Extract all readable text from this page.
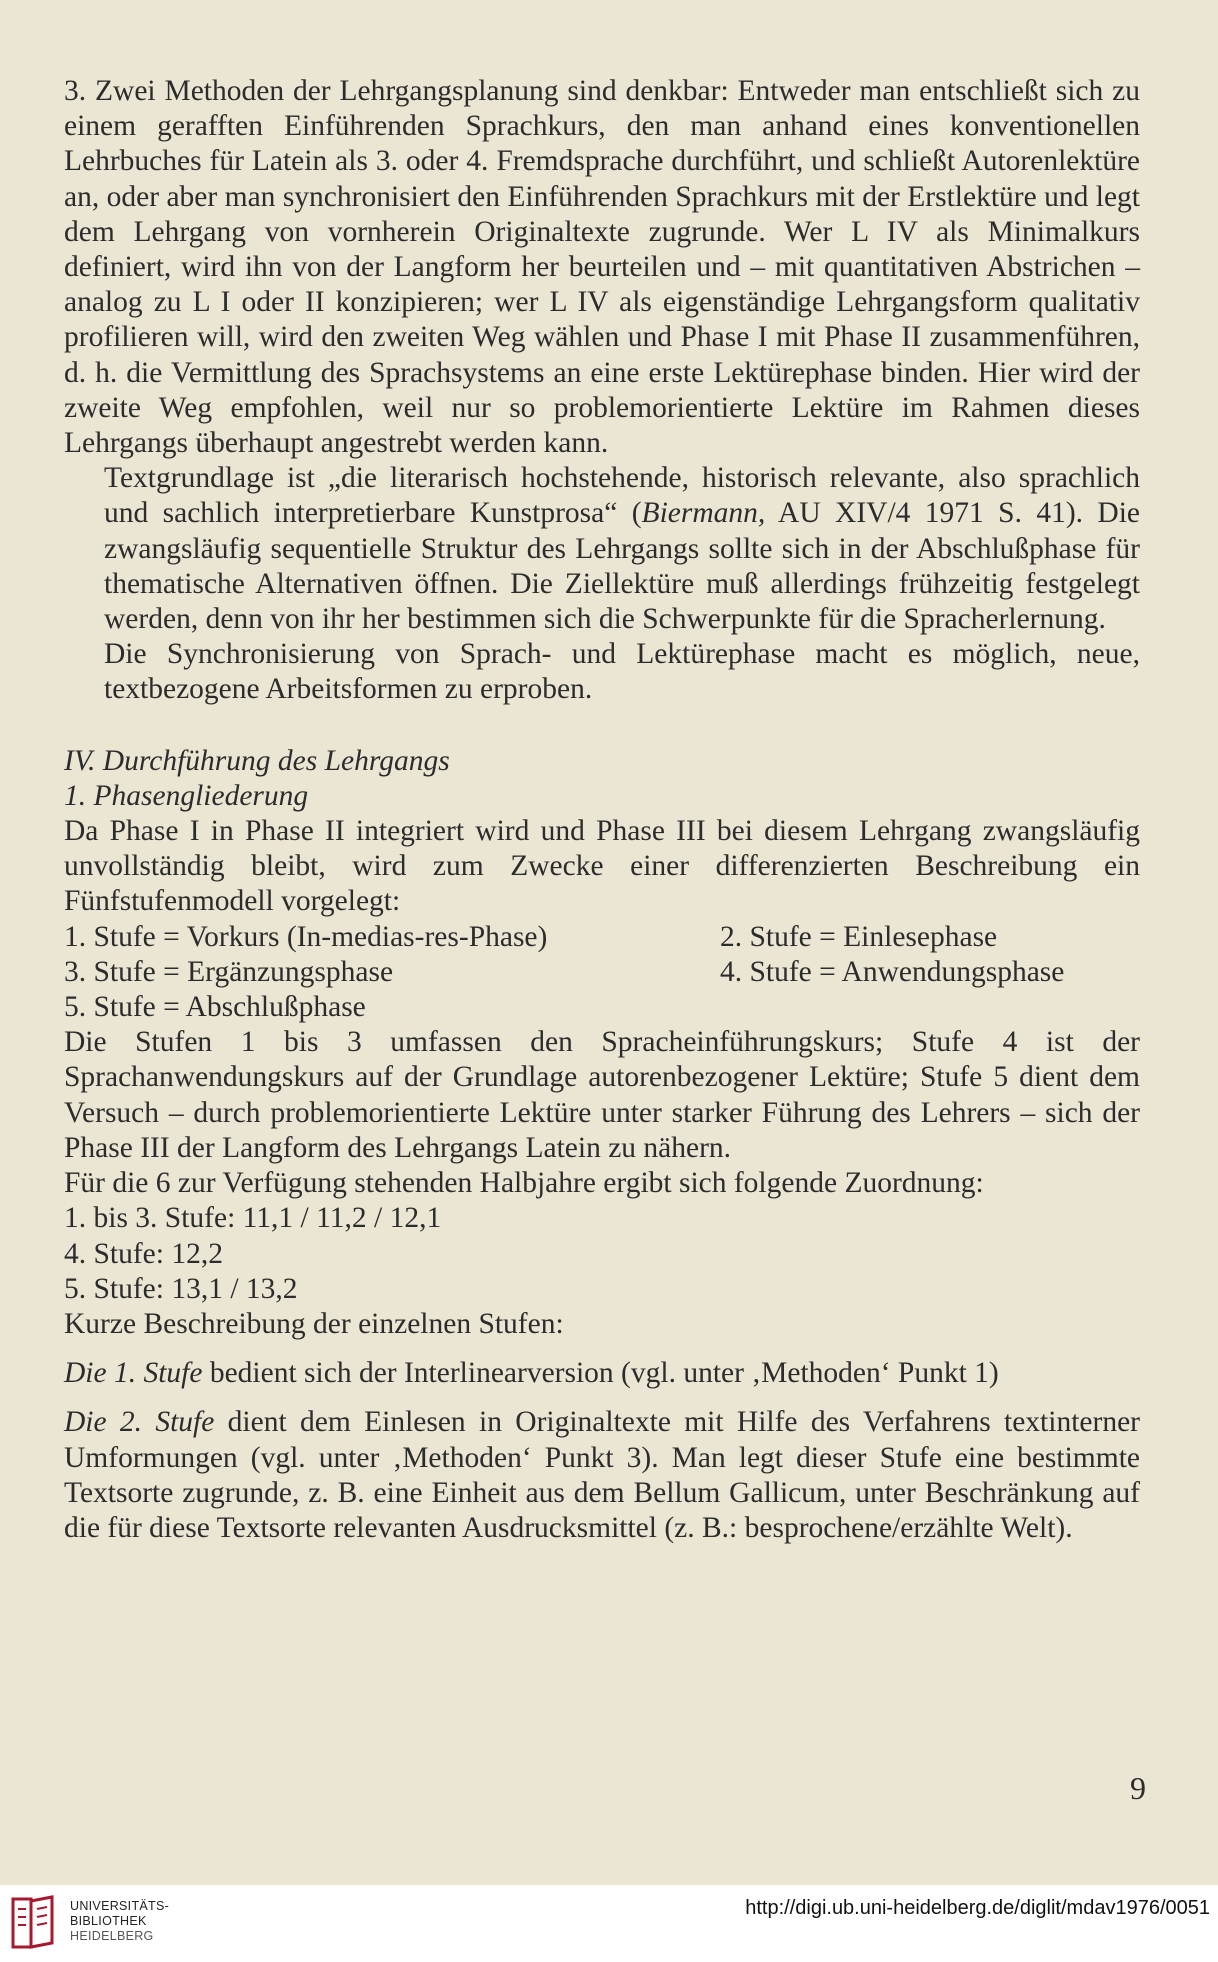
3. Zwei Methoden der Lehrgangsplanung sind denkbar: Entweder man entschließt sich zu einem gerafften Einführenden Sprachkurs, den man anhand eines konventionellen Lehrbuches für Latein als 3. oder 4. Fremdsprache durchführt, und schließt Autorenlektüre an, oder aber man synchronisiert den Einführenden Sprachkurs mit der Erstlektüre und legt dem Lehrgang von vornherein Originaltexte zugrunde. Wer L IV als Minimalkurs definiert, wird ihn von der Langform her beurteilen und – mit quantitativen Abstrichen – analog zu L I oder II konzipieren; wer L IV als eigenständige Lehrgangsform qualitativ profilieren will, wird den zweiten Weg wählen und Phase I mit Phase II zusammenführen, d. h. die Vermittlung des Sprachsystems an eine erste Lektürephase binden. Hier wird der zweite Weg empfohlen, weil nur so problemorientierte Lektüre im Rahmen dieses Lehrgangs überhaupt angestrebt werden kann.

Textgrundlage ist „die literarisch hochstehende, historisch relevante, also sprachlich und sachlich interpretierbare Kunstprosa“ (Biermann, AU XIV/4 1971 S. 41). Die zwangsläufig sequentielle Struktur des Lehrgangs sollte sich in der Abschlußphase für thematische Alternativen öffnen. Die Ziellektüre muß allerdings frühzeitig festgelegt werden, denn von ihr her bestimmen sich die Schwerpunkte für die Spracherlernung.

Die Synchronisierung von Sprach- und Lektürephase macht es möglich, neue, textbezogene Arbeitsformen zu erproben.

IV. Durchführung des Lehrgangs

1. Phasengliederung

Da Phase I in Phase II integriert wird und Phase III bei diesem Lehrgang zwangsläufig unvollständig bleibt, wird zum Zwecke einer differenzierten Beschreibung ein Fünfstufenmodell vorgelegt:

1. Stufe = Vorkurs (In-medias-res-Phase)	2. Stufe = Einlesephase
3. Stufe = Ergänzungsphase	4. Stufe = Anwendungsphase

5. Stufe = Abschlußphase

Die Stufen 1 bis 3 umfassen den Spracheinführungskurs; Stufe 4 ist der Sprachanwendungskurs auf der Grundlage autorenbezogener Lektüre; Stufe 5 dient dem Versuch – durch problemorientierte Lektüre unter starker Führung des Lehrers – sich der Phase III der Langform des Lehrgangs Latein zu nähern.

Für die 6 zur Verfügung stehenden Halbjahre ergibt sich folgende Zuordnung:

1. bis 3. Stufe: 11,1 / 11,2 / 12,1

4. Stufe: 12,2

5. Stufe: 13,1 / 13,2

Kurze Beschreibung der einzelnen Stufen:

Die 1. Stufe bedient sich der Interlinearversion (vgl. unter ‚Methoden‘ Punkt 1)

Die 2. Stufe dient dem Einlesen in Originaltexte mit Hilfe des Verfahrens textinterner Umformungen (vgl. unter ‚Methoden‘ Punkt 3). Man legt dieser Stufe eine bestimmte Textsorte zugrunde, z. B. eine Einheit aus dem Bellum Gallicum, unter Beschränkung auf die für diese Textsorte relevanten Ausdrucksmittel (z. B.: besprochene/erzählte Welt).

9
UNIVERSITÄTS-
BIBLIOTHEK
HEIDELBERG
http://digi.ub.uni-heidelberg.de/diglit/mdav1976/0051
